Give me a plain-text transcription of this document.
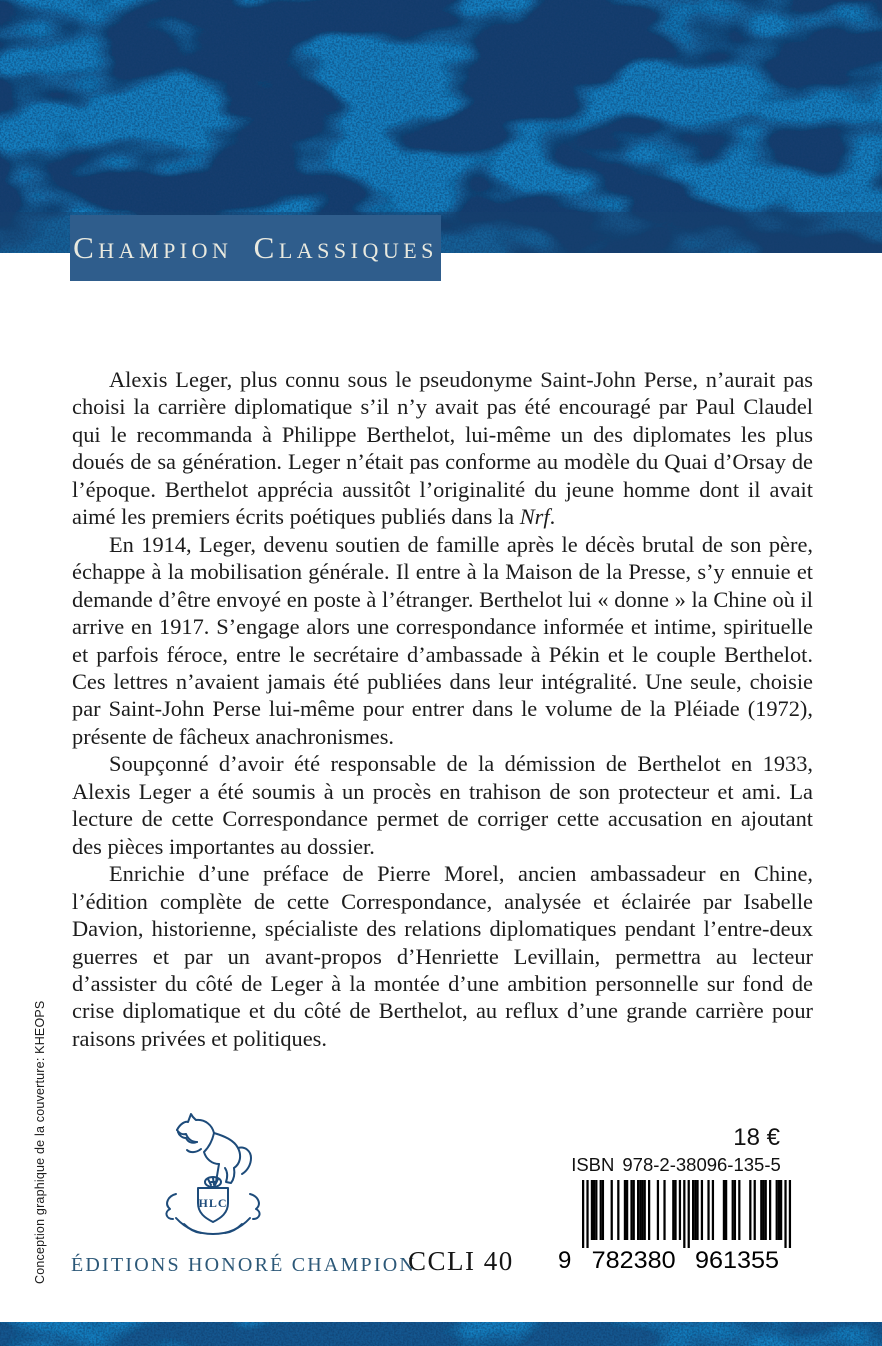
Champion Classiques

Alexis Leger, plus connu sous le pseudonyme Saint-John Perse, n’aurait pas choisi la carrière diplomatique s’il n’y avait pas été encouragé par Paul Claudel qui le recommanda à Philippe Berthelot, lui-même un des diplomates les plus doués de sa génération. Leger n’était pas conforme au modèle du Quai d’Orsay de l’époque. Berthelot apprécia aussitôt l’originalité du jeune homme dont il avait aimé les premiers écrits poétiques publiés dans la Nrf.

En 1914, Leger, devenu soutien de famille après le décès brutal de son père, échappe à la mobilisation générale. Il entre à la Maison de la Presse, s’y ennuie et demande d’être envoyé en poste à l’étranger. Berthelot lui « donne » la Chine où il arrive en 1917. S’engage alors une correspondance informée et intime, spirituelle et parfois féroce, entre le secrétaire d’ambassade à Pékin et le couple Berthelot. Ces lettres n’avaient jamais été publiées dans leur intégralité. Une seule, choisie par Saint-John Perse lui-même pour entrer dans le volume de la Pléiade (1972), présente de fâcheux anachronismes.

Soupçonné d’avoir été responsable de la démission de Berthelot en 1933, Alexis Leger a été soumis à un procès en trahison de son protecteur et ami. La lecture de cette Correspondance permet de corriger cette accusation en ajoutant des pièces importantes au dossier.

Enrichie d’une préface de Pierre Morel, ancien ambassadeur en Chine, l’édition complète de cette Correspondance, analysée et éclairée par Isabelle Davion, historienne, spécialiste des relations diplomatiques pendant l’entre-deux guerres et par un avant-propos d’Henriette Levillain, permettra au lecteur d’assister du côté de Leger à la montée d’une ambition personnelle sur fond de crise diplomatique et du côté de Berthelot, au reflux d’une grande carrière pour raisons privées et politiques.

Conception graphique de la couverture: KHEOPS	HLC
ÉDITIONS HONORÉ CHAMPION
CCLI 40
18 €
ISBN 978-2-38096-135-5
9 782380 961355
